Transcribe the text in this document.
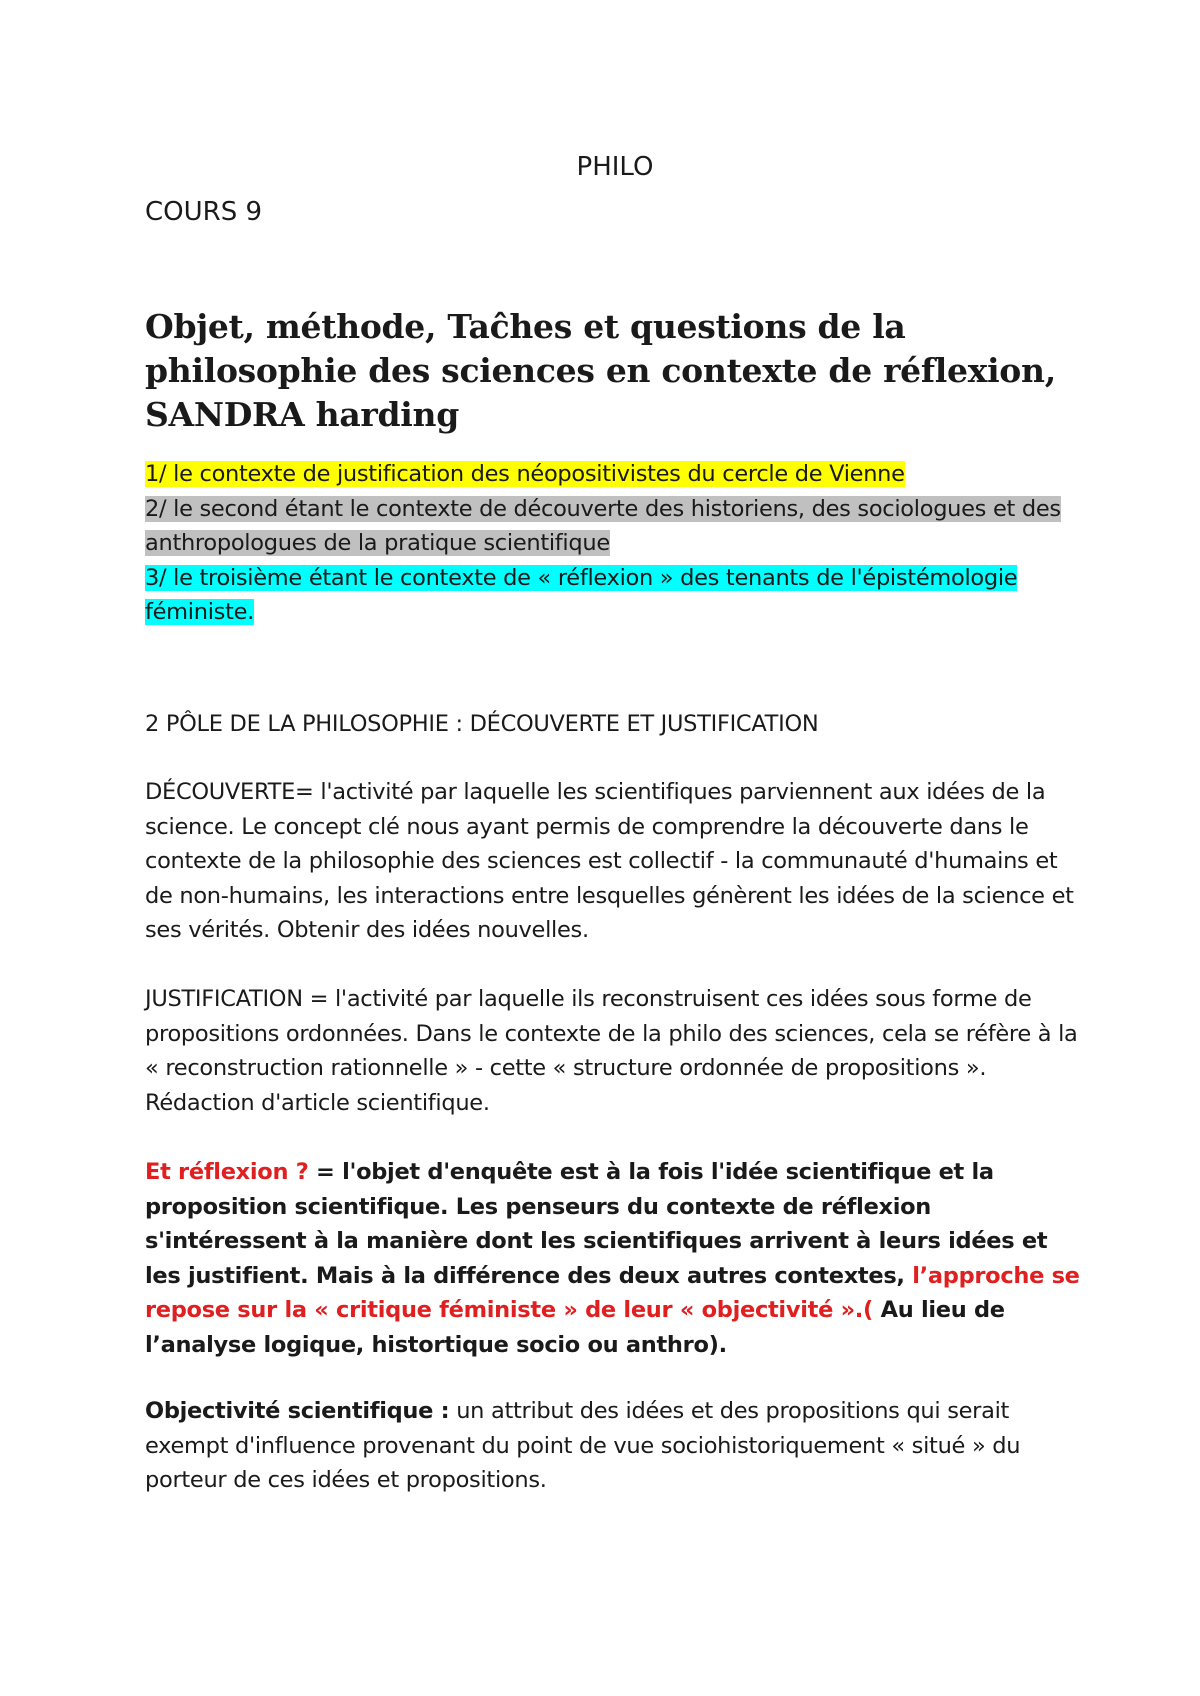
PHILO
COURS 9
Objet, méthode, Taĉhes et questions de la philosophie des sciences en contexte de réflexion, SANDRA harding

1/ le contexte de justification des néopositivistes du cercle de Vienne

2/ le second étant le contexte de découverte des historiens, des sociologues et des anthropologues de la pratique scientifique

3/ le troisième étant le contexte de « réflexion » des tenants de l'épistémologie féministe.

2 PÔLE DE LA PHILOSOPHIE : DÉCOUVERTE ET JUSTIFICATION

DÉCOUVERTE= l'activité par laquelle les scientifiques parviennent aux idées de la science. Le concept clé nous ayant permis de comprendre la découverte dans le contexte de la philosophie des sciences est collectif - la communauté d'humains et de non-humains, les interactions entre lesquelles génèrent les idées de la science et ses vérités. Obtenir des idées nouvelles.

JUSTIFICATION = l'activité par laquelle ils reconstruisent ces idées sous forme de propositions ordonnées. Dans le contexte de la philo des sciences, cela se réfère à la « reconstruction rationnelle » - cette « structure ordonnée de propositions ». Rédaction d'article scientifique.

Et réflexion ? = l'objet d'enquête est à la fois l'idée scientifique et la proposition scientifique. Les penseurs du contexte de réflexion s'intéressent à la manière dont les scientifiques arrivent à leurs idées et les justifient. Mais à la différence des deux autres contextes, l’approche se repose sur la « critique féministe » de leur « objectivité ».( Au lieu de l’analyse logique, histortique socio ou anthro).

Objectivité scientifique : un attribut des idées et des propositions qui serait exempt d'influence provenant du point de vue sociohistoriquement « situé » du porteur de ces idées et propositions.
